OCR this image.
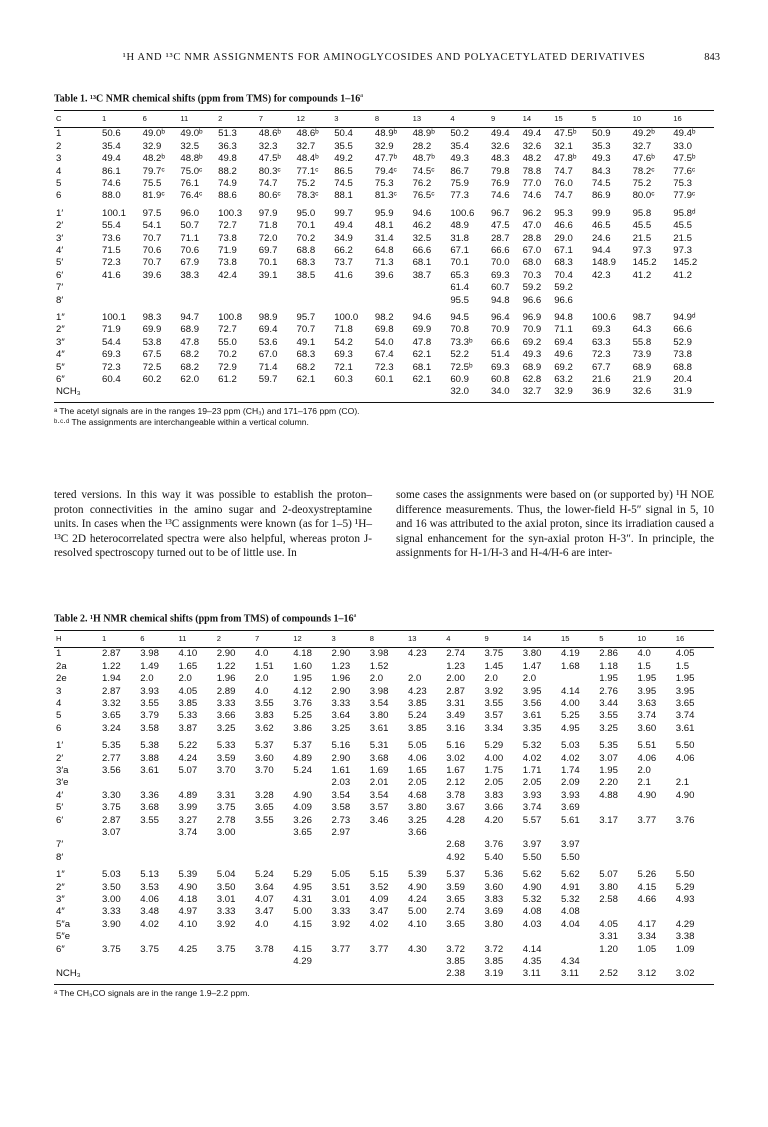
¹H AND ¹³C NMR ASSIGNMENTS FOR AMINOGLYCOSIDES AND POLYACETYLATED DERIVATIVES	843
Table 1. ¹³C NMR chemical shifts (ppm from TMS) for compounds 1–16$^a$
C	1	6	11	2	7	12	3	8	13	4	9	14	15	5	10	16
1	50.6	49.0ᵇ	49.0ᵇ	51.3	48.6ᵇ	48.6ᵇ	50.4	48.9ᵇ	48.9ᵇ	50.2	49.4	49.4	47.5ᵇ	50.9	49.2ᵇ	49.4ᵇ
2	35.4	32.9	32.5	36.3	32.3	32.7	35.5	32.9	28.2	35.4	32.6	32.6	32.1	35.3	32.7	33.0
3	49.4	48.2ᵇ	48.8ᵇ	49.8	47.5ᵇ	48.4ᵇ	49.2	47.7ᵇ	48.7ᵇ	49.3	48.3	48.2	47.8ᵇ	49.3	47.6ᵇ	47.5ᵇ
4	86.1	79.7ᶜ	75.0ᶜ	88.2	80.3ᶜ	77.1ᶜ	86.5	79.4ᶜ	74.5ᶜ	86.7	79.8	78.8	74.7	84.3	78.2ᶜ	77.6ᶜ
5	74.6	75.5	76.1	74.9	74.7	75.2	74.5	75.3	76.2	75.9	76.9	77.0	76.0	74.5	75.2	75.3
6	88.0	81.9ᶜ	76.4ᶜ	88.6	80.6ᶜ	78.3ᶜ	88.1	81.3ᶜ	76.5ᶜ	77.3	74.6	74.6	74.7	86.9	80.0ᶜ	77.9ᶜ

1′	100.1	97.5	96.0	100.3	97.9	95.0	99.7	95.9	94.6	100.6	96.7	96.2	95.3	99.9	95.8	95.8ᵈ
2′	55.4	54.1	50.7	72.7	71.8	70.1	49.4	48.1	46.2	48.9	47.5	47.0	46.6	46.5	45.5	45.5
3′	73.6	70.7	71.1	73.8	72.0	70.2	34.9	31.4	32.5	31.8	28.7	28.8	29.0	24.6	21.5	21.5
4′	71.5	70.6	70.6	71.9	69.7	68.8	66.2	64.8	66.6	67.1	66.6	67.0	67.1	94.4	97.3	97.3
5′	72.3	70.7	67.9	73.8	70.1	68.3	73.7	71.3	68.1	70.1	70.0	68.0	68.3	148.9	145.2	145.2
6′	41.6	39.6	38.3	42.4	39.1	38.5	41.6	39.6	38.7	65.3	69.3	70.3	70.4	42.3	41.2	41.2
7′										61.4	60.7	59.2	59.2			
8′										95.5	94.8	96.6	96.6			

1″	100.1	98.3	94.7	100.8	98.9	95.7	100.0	98.2	94.6	94.5	96.4	96.9	94.8	100.6	98.7	94.9ᵈ
2″	71.9	69.9	68.9	72.7	69.4	70.7	71.8	69.8	69.9	70.8	70.9	70.9	71.1	69.3	64.3	66.6
3″	54.4	53.8	47.8	55.0	53.6	49.1	54.2	54.0	47.8	73.3ᵇ	66.6	69.2	69.4	63.3	55.8	52.9
4″	69.3	67.5	68.2	70.2	67.0	68.3	69.3	67.4	62.1	52.2	51.4	49.3	49.6	72.3	73.9	73.8
5″	72.3	72.5	68.2	72.9	71.4	68.2	72.1	72.3	68.1	72.5ᵇ	69.3	68.9	69.2	67.7	68.9	68.8
6″	60.4	60.2	62.0	61.2	59.7	62.1	60.3	60.1	62.1	60.9	60.8	62.8	63.2	21.6	21.9	20.4
NCH₃										32.0	34.0	32.7	32.9	36.9	32.6	31.9

ᵃ The acetyl signals are in the ranges 19–23 ppm (CH₃) and 171–176 ppm (CO).
ᵇ·ᶜ·ᵈ The assignments are interchangeable within a vertical column.

tered versions. In this way it was possible to establish the proton–proton connectivities in the amino sugar and 2-deoxystreptamine units. In cases when the ¹³C assignments were known (as for 1–5) ¹H–¹³C 2D heterocorrelated spectra were also helpful, whereas proton J-resolved spectroscopy turned out to be of little use. In

some cases the assignments were based on (or supported by) ¹H NOE difference measurements. Thus, the lower-field H-5″ signal in 5, 10 and 16 was attributed to the axial proton, since its irradiation caused a signal enhancement for the syn-axial proton H-3″. In principle, the assignments for H-1/H-3 and H-4/H-6 are inter-

Table 2. ¹H NMR chemical shifts (ppm from TMS) of compounds 1–16$^a$
H	1	6	11	2	7	12	3	8	13	4	9	14	15	5	10	16
1	2.87	3.98	4.10	2.90	4.0	4.18	2.90	3.98	4.23	2.74	3.75	3.80	4.19	2.86	4.0	4.05
2a	1.22	1.49	1.65	1.22	1.51	1.60	1.23	1.52		1.23	1.45	1.47	1.68	1.18	1.5	1.5
2e	1.94	2.0	2.0	1.96	2.0	1.95	1.96	2.0	2.0	2.00	2.0	2.0		1.95	1.95	1.95
3	2.87	3.93	4.05	2.89	4.0	4.12	2.90	3.98	4.23	2.87	3.92	3.95	4.14	2.76	3.95	3.95
4	3.32	3.55	3.85	3.33	3.55	3.76	3.33	3.54	3.85	3.31	3.55	3.56	4.00	3.44	3.63	3.65
5	3.65	3.79	5.33	3.66	3.83	5.25	3.64	3.80	5.24	3.49	3.57	3.61	5.25	3.55	3.74	3.74
6	3.24	3.58	3.87	3.25	3.62	3.86	3.25	3.61	3.85	3.16	3.34	3.35	4.95	3.25	3.60	3.61

1′	5.35	5.38	5.22	5.33	5.37	5.37	5.16	5.31	5.05	5.16	5.29	5.32	5.03	5.35	5.51	5.50
2′	2.77	3.88	4.24	3.59	3.60	4.89	2.90	3.68	4.06	3.02	4.00	4.02	4.02	3.07	4.06	4.06
3′a	3.56	3.61	5.07	3.70	3.70	5.24	1.61	1.69	1.65	1.67	1.75	1.71	1.74	1.95	2.0	
3′e							2.03	2.01	2.05	2.12	2.05	2.05	2.09	2.20	2.1	2.1
4′	3.30	3.36	4.89	3.31	3.28	4.90	3.54	3.54	4.68	3.78	3.83	3.93	3.93	4.88	4.90	4.90
5′	3.75	3.68	3.99	3.75	3.65	4.09	3.58	3.57	3.80	3.67	3.66	3.74	3.69			
6′	2.87	3.55	3.27	2.78	3.55	3.26	2.73	3.46	3.25	4.28	4.20	5.57	5.61	3.17	3.77	3.76
	3.07		3.74	3.00		3.65	2.97		3.66							
7′										2.68	3.76	3.97	3.97			
8′										4.92	5.40	5.50	5.50			

1″	5.03	5.13	5.39	5.04	5.24	5.29	5.05	5.15	5.39	5.37	5.36	5.62	5.62	5.07	5.26	5.50
2″	3.50	3.53	4.90	3.50	3.64	4.95	3.51	3.52	4.90	3.59	3.60	4.90	4.91	3.80	4.15	5.29
3″	3.00	4.06	4.18	3.01	4.07	4.31	3.01	4.09	4.24	3.65	3.83	5.32	5.32	2.58	4.66	4.93
4″	3.33	3.48	4.97	3.33	3.47	5.00	3.33	3.47	5.00	2.74	3.69	4.08	4.08			
5″a	3.90	4.02	4.10	3.92	4.0	4.15	3.92	4.02	4.10	3.65	3.80	4.03	4.04	4.05	4.17	4.29
5″e														3.31	3.34	3.38
6″	3.75	3.75	4.25	3.75	3.78	4.15	3.77	3.77	4.30	3.72	3.72	4.14		1.20	1.05	1.09
						4.29				3.85	3.85	4.35	4.34			
NCH₃										2.38	3.19	3.11	3.11	2.52	3.12	3.02

ᵃ The CH₃CO signals are in the range 1.9–2.2 ppm.
